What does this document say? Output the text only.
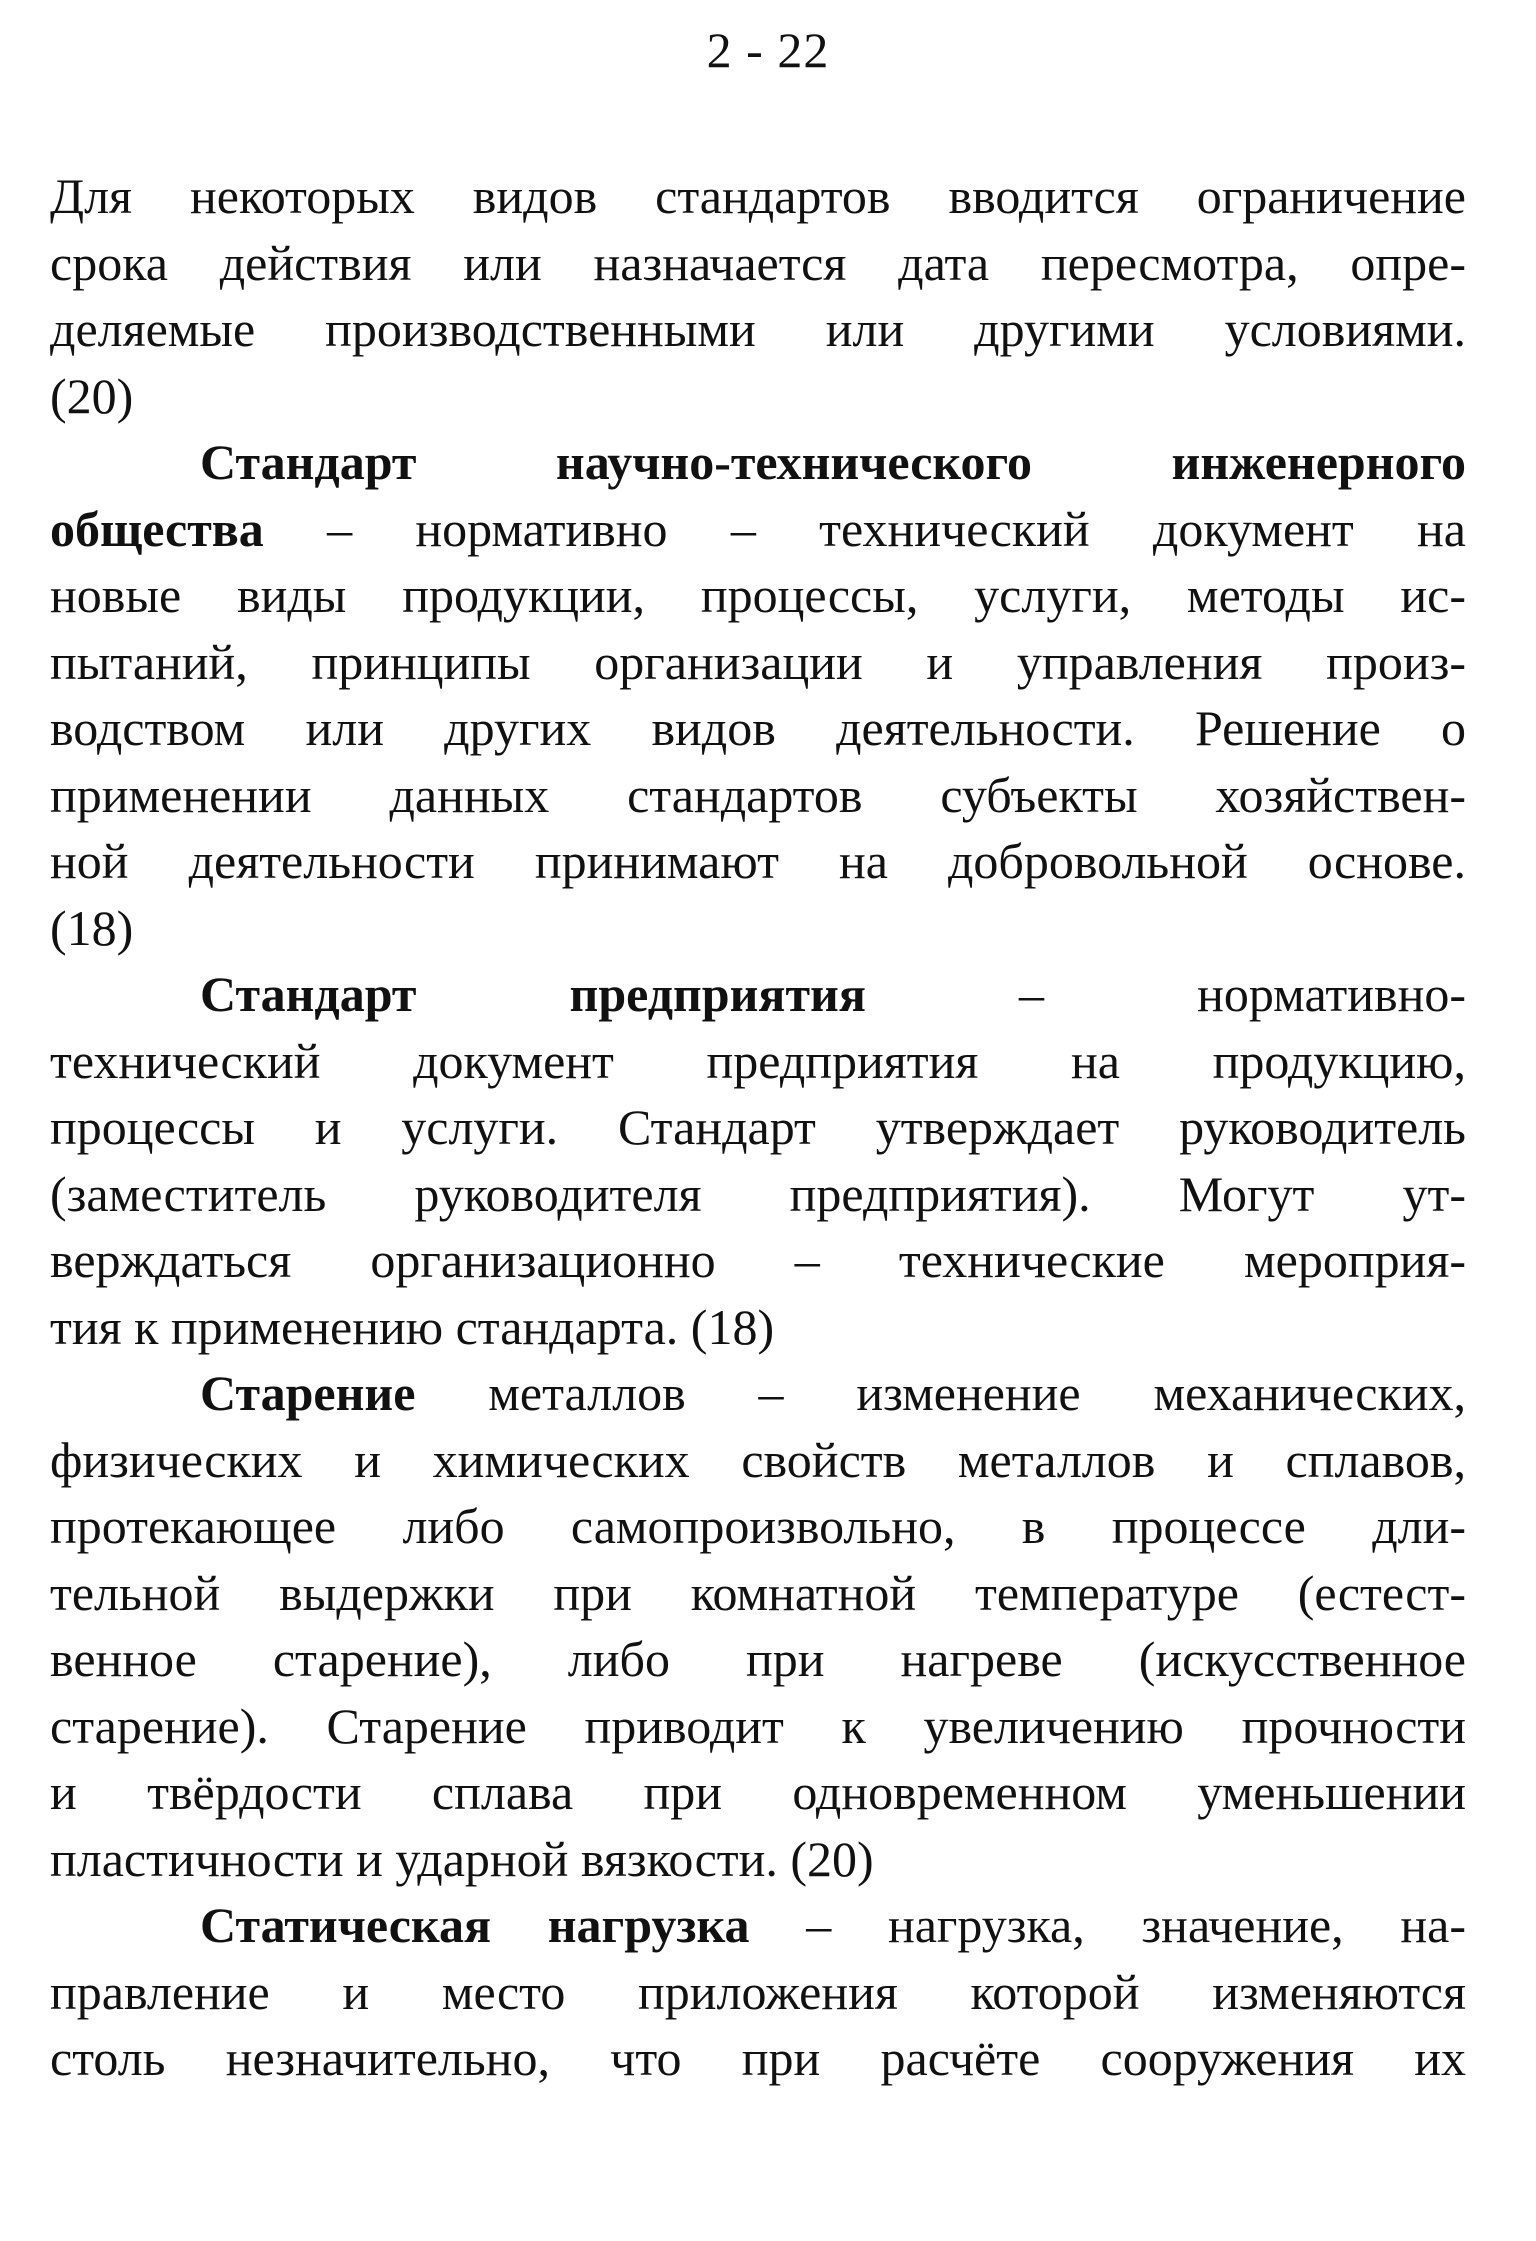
2 - 22
Для некоторых видов стандартов вводится ограничение
срока действия или назначается дата пересмотра, опре-
деляемые производственными или другими условиями.
(20)
Стандарт научно-технического инженерного
общества – нормативно – технический документ на
новые виды продукции, процессы, услуги, методы ис-
пытаний, принципы организации и управления произ-
водством или других видов деятельности. Решение о
применении данных стандартов субъекты хозяйствен-
ной деятельности принимают на добровольной основе.
(18)
Стандарт предприятия – нормативно-
технический документ предприятия на продукцию,
процессы и услуги. Стандарт утверждает руководитель
(заместитель руководителя предприятия). Могут ут-
верждаться организационно – технические мероприя-
тия к применению стандарта. (18)
Старение металлов – изменение механических,
физических и химических свойств металлов и сплавов,
протекающее либо самопроизвольно, в процессе дли-
тельной выдержки при комнатной температуре (естест-
венное старение), либо при нагреве (искусственное
старение). Старение приводит к увеличению прочности
и твёрдости сплава при одновременном уменьшении
пластичности и ударной вязкости. (20)
Статическая нагрузка – нагрузка, значение, на-
правление и место приложения которой изменяются
столь незначительно, что при расчёте сооружения их
